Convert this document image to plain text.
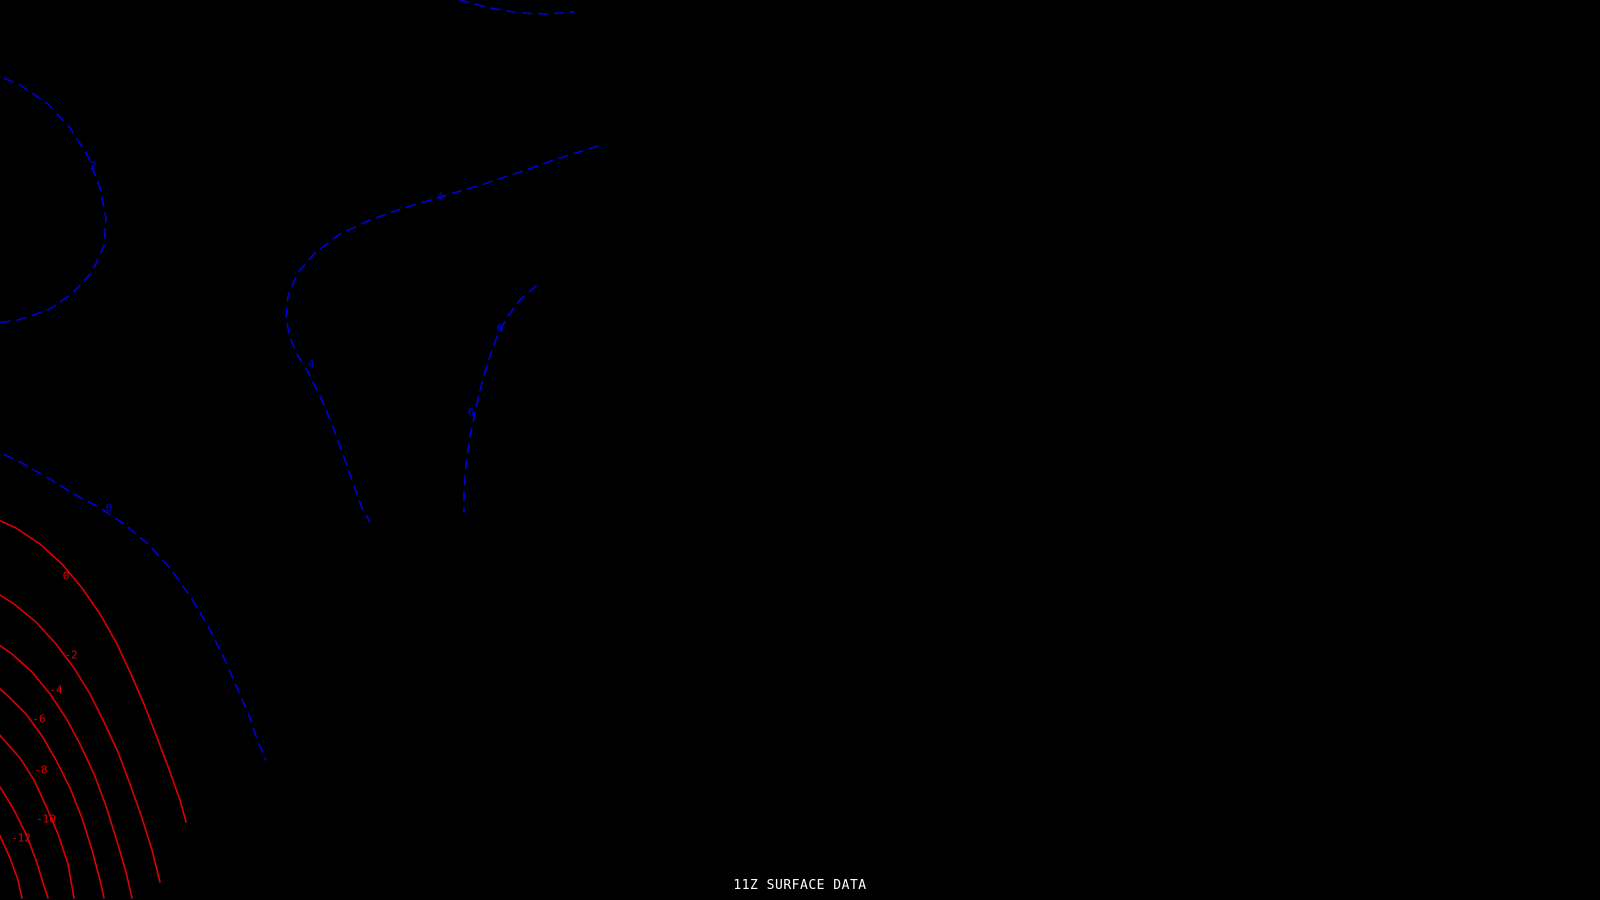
2
4
4
6
6
0
0
-2
-4
-6
-8
-10
-12
11Z SURFACE DATA
